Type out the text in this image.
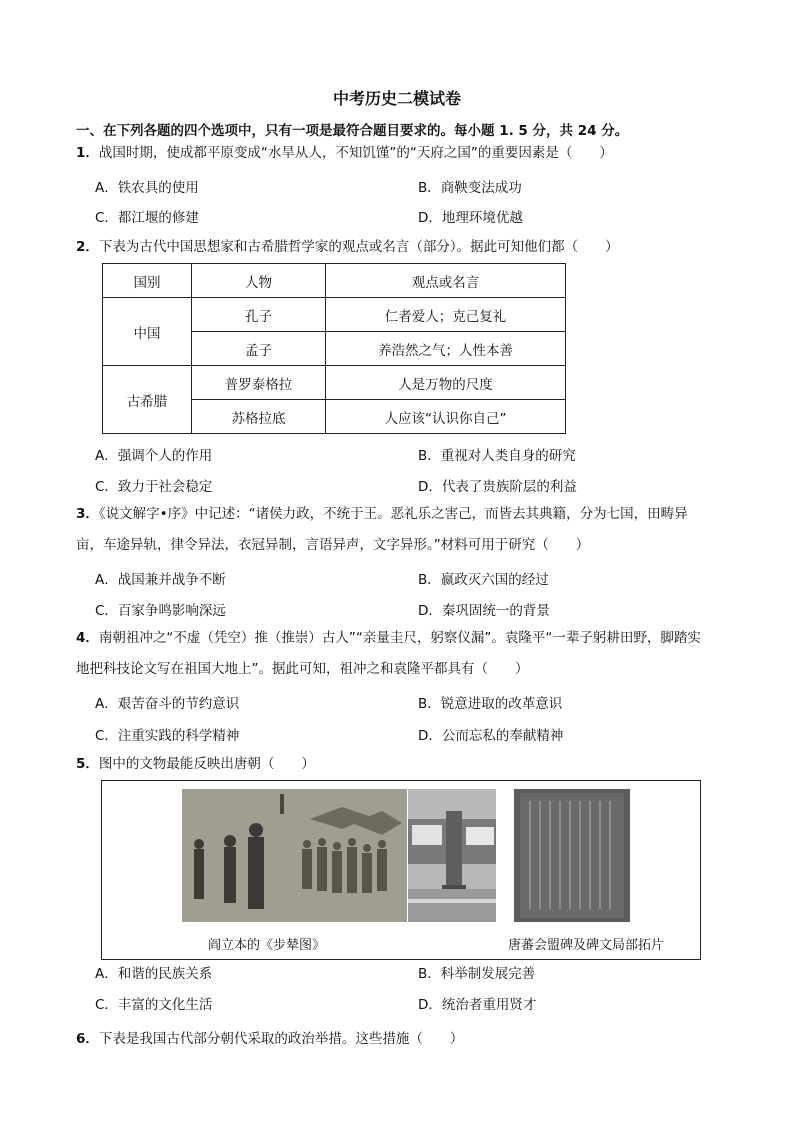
中考历史二模试卷
一、在下列各题的四个选项中，只有一项是最符合题目要求的。每小题 1. 5 分，共 24 分。
1．战国时期，使成都平原变成“水旱从人，不知饥馑”的“天府之国”的重要因素是（　　）
A．铁农具的使用	B．商鞅变法成功
C．都江堰的修建	D．地理环境优越
2．下表为古代中国思想家和古希腊哲学家的观点或名言（部分）。据此可知他们都（　　）
国别	人物	观点或名言
中国	孔子	仁者爱人；克己复礼
	孟子	养浩然之气；人性本善
古希腊	普罗泰格拉	人是万物的尺度
	苏格拉底	人应该“认识你自己”
A．强调个人的作用	B．重视对人类自身的研究
C．致力于社会稳定	D．代表了贵族阶层的利益
3．《说文解字•序》中记述：“诸侯力政，不统于王。恶礼乐之害己，而皆去其典籍，分为七国，田畴异
亩，车途异轨，律令异法，衣冠异制，言语异声，文字异形。”材料可用于研究（　　）
A．战国兼并战争不断	B．嬴政灭六国的经过
C．百家争鸣影响深远	D．秦巩固统一的背景
4．南朝祖冲之“不虚（凭空）推（推崇）古人”“亲量圭尺，躬察仪漏”。袁隆平“一辈子躬耕田野，脚踏实
地把科技论文写在祖国大地上”。据此可知，祖冲之和袁隆平都具有（　　）
A．艰苦奋斗的节约意识	B．锐意进取的改革意识
C．注重实践的科学精神	D．公而忘私的奉献精神
5．图中的文物最能反映出唐朝（　　）
阎立本的《步辇图》	唐蕃会盟碑及碑文局部拓片
A．和谐的民族关系	B．科举制发展完善
C．丰富的文化生活	D．统治者重用贤才
6．下表是我国古代部分朝代采取的政治举措。这些措施（　　）
